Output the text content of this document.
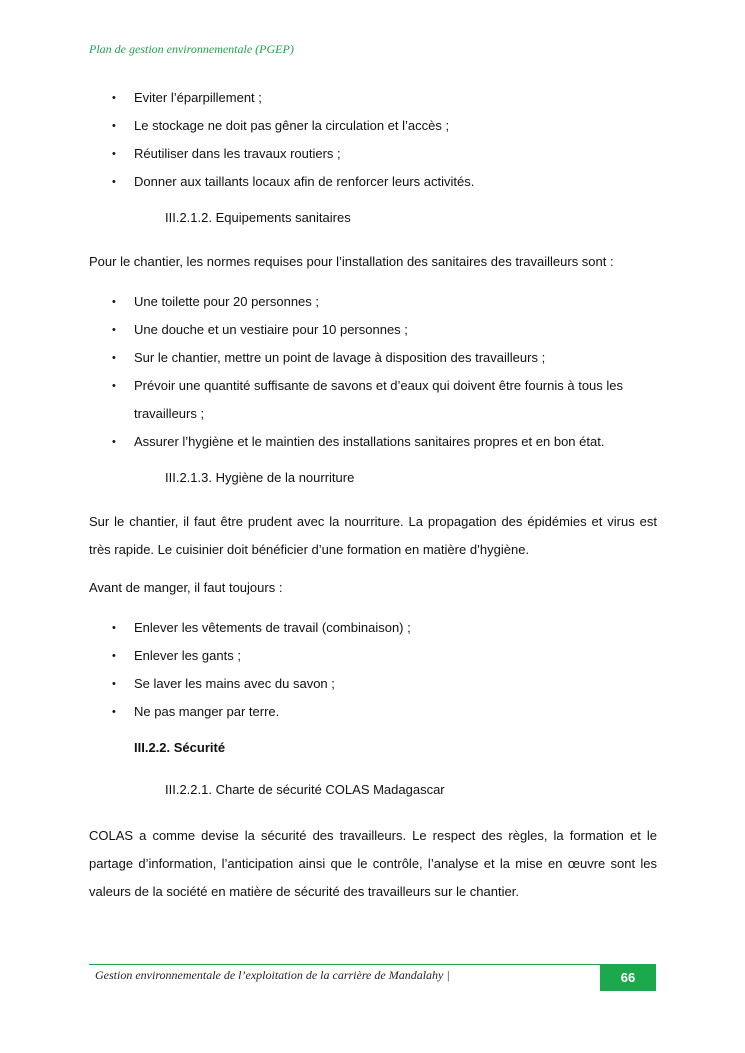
Plan de gestion environnementale (PGEP)
• Eviter l’éparpillement ;
• Le stockage ne doit pas gêner la circulation et l’accès ;
• Réutiliser dans les travaux routiers ;
• Donner aux taillants locaux afin de renforcer leurs activités.
III.2.1.2. Equipements sanitaires

Pour le chantier, les normes requises pour l’installation des sanitaires des travailleurs sont :

• Une toilette pour 20 personnes ;
• Une douche et un vestiaire pour 10 personnes ;
• Sur le chantier, mettre un point de lavage à disposition des travailleurs ;
• Prévoir une quantité suffisante de savons et d’eaux qui doivent être fournis à tous les travailleurs ;
• Assurer l’hygiène et le maintien des installations sanitaires propres et en bon état.
III.2.1.3. Hygiène de la nourriture

Sur le chantier, il faut être prudent avec la nourriture. La propagation des épidémies et virus est très rapide. Le cuisinier doit bénéficier d’une formation en matière d’hygiène.

Avant de manger, il faut toujours :

• Enlever les vêtements de travail (combinaison) ;
• Enlever les gants ;
• Se laver les mains avec du savon ;
• Ne pas manger par terre.
III.2.2. Sécurité
III.2.2.1. Charte de sécurité COLAS Madagascar

COLAS a comme devise la sécurité des travailleurs. Le respect des règles, la formation et le partage d’information, l’anticipation ainsi que le contrôle, l’analyse et la mise en œuvre sont les valeurs de la société en matière de sécurité des travailleurs sur le chantier.

Gestion environnementale de l’exploitation de la carrière de Mandalahy |	66
